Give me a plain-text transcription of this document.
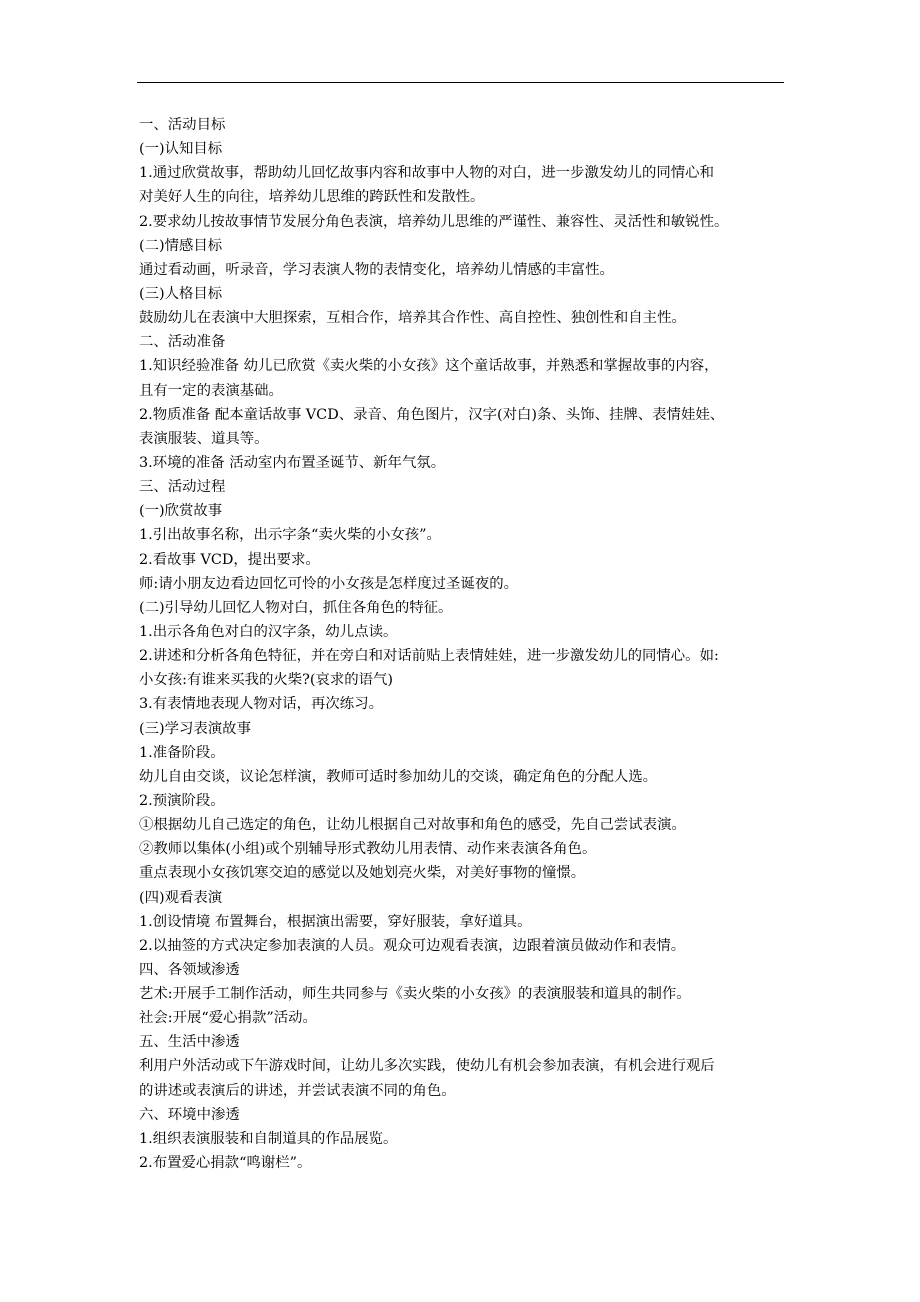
一、活动目标
(一)认知目标
1.通过欣赏故事，帮助幼儿回忆故事内容和故事中人物的对白，进一步激发幼儿的同情心和
对美好人生的向往，培养幼儿思维的跨跃性和发散性。
2.要求幼儿按故事情节发展分角色表演，培养幼儿思维的严谨性、兼容性、灵活性和敏锐性。
(二)情感目标
通过看动画，听录音，学习表演人物的表情变化，培养幼儿情感的丰富性。
(三)人格目标
鼓励幼儿在表演中大胆探索，互相合作，培养其合作性、高自控性、独创性和自主性。
二、活动准备
1.知识经验准备 幼儿已欣赏《卖火柴的小女孩》这个童话故事，并熟悉和掌握故事的内容，
且有一定的表演基础。
2.物质准备 配本童话故事 VCD、录音、角色图片，汉字(对白)条、头饰、挂牌、表情娃娃、
表演服装、道具等。
3.环境的准备 活动室内布置圣诞节、新年气氛。
三、活动过程
(一)欣赏故事
1.引出故事名称，出示字条“卖火柴的小女孩”。
2.看故事 VCD，提出要求。
师:请小朋友边看边回忆可怜的小女孩是怎样度过圣诞夜的。
(二)引导幼儿回忆人物对白，抓住各角色的特征。
1.出示各角色对白的汉字条，幼儿点读。
2.讲述和分析各角色特征，并在旁白和对话前贴上表情娃娃，进一步激发幼儿的同情心。如:
小女孩:有谁来买我的火柴?(哀求的语气)
3.有表情地表现人物对话，再次练习。
(三)学习表演故事
1.准备阶段。
幼儿自由交谈，议论怎样演，教师可适时参加幼儿的交谈，确定角色的分配人选。
2.预演阶段。
①根据幼儿自己选定的角色，让幼儿根据自己对故事和角色的感受，先自己尝试表演。
②教师以集体(小组)或个别辅导形式教幼儿用表情、动作来表演各角色。
重点表现小女孩饥寒交迫的感觉以及她划亮火柴，对美好事物的憧憬。
(四)观看表演
1.创设情境 布置舞台，根据演出需要，穿好服装，拿好道具。
2.以抽签的方式决定参加表演的人员。观众可边观看表演，边跟着演员做动作和表情。
四、各领域渗透
艺术:开展手工制作活动，师生共同参与《卖火柴的小女孩》的表演服装和道具的制作。
社会:开展“爱心捐款”活动。
五、生活中渗透
利用户外活动或下午游戏时间，让幼儿多次实践，使幼儿有机会参加表演，有机会进行观后
的讲述或表演后的讲述，并尝试表演不同的角色。
六、环境中渗透
1.组织表演服装和自制道具的作品展览。
2.布置爱心捐款“鸣谢栏”。
